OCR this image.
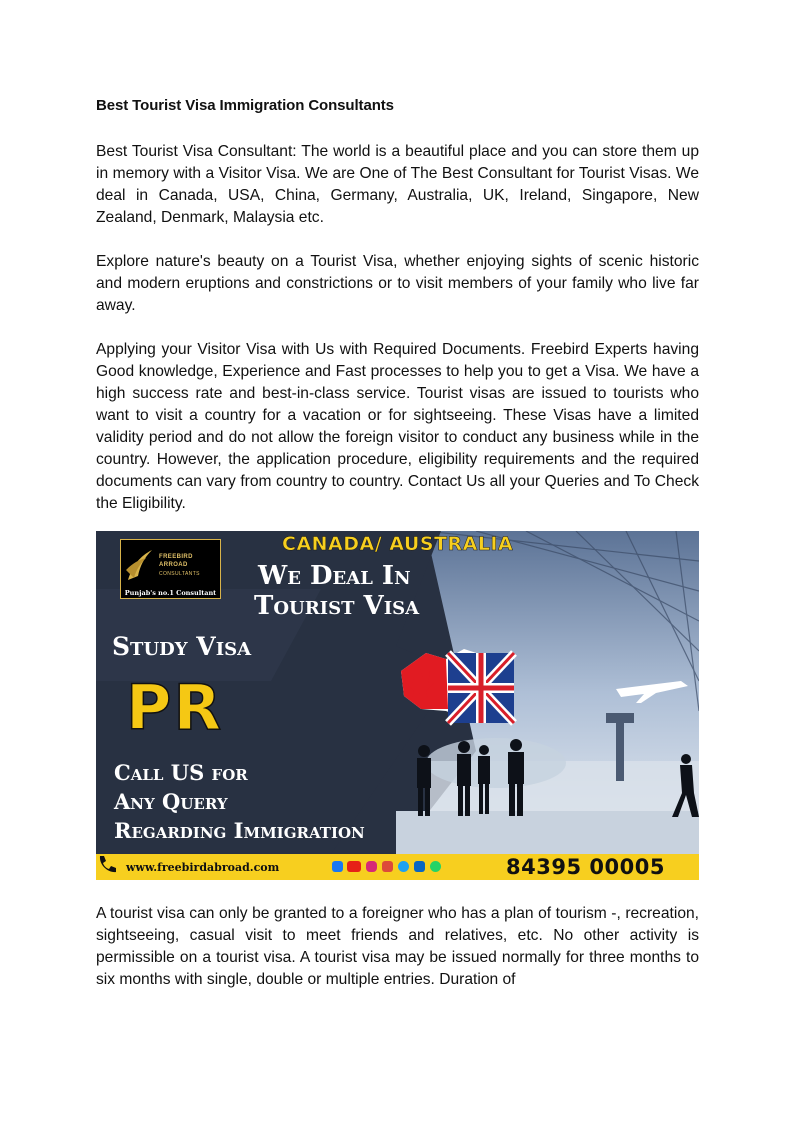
Best Tourist Visa Immigration Consultants

Best Tourist Visa Consultant: The world is a beautiful place and you can store them up in memory with a Visitor Visa. We are One of The Best Consultant for Tourist Visas. We deal in Canada, USA, China, Germany, Australia, UK, Ireland, Singapore, New Zealand, Denmark, Malaysia etc.

Explore nature's beauty on a Tourist Visa, whether enjoying sights of scenic historic and modern eruptions and constrictions or to visit members of your family who live far away.

Applying your Visitor Visa with Us with Required Documents. Freebird Experts having Good knowledge, Experience and Fast processes to help you to get a Visa. We have a high success rate and best-in-class service. Tourist visas are issued to tourists who want to visit a country for a vacation or for sightseeing. These Visas have a limited validity period and do not allow the foreign visitor to conduct any business while in the country. However, the application procedure, eligibility requirements and the required documents can vary from country to country. Contact Us all your Queries and To Check the Eligibility.

FREEBIRD
ARROAD
CONSULTANTS
Punjab's no.1 Consultant
CANADA/ AUSTRALIA
We Deal In
Tourist Visa
Study Visa
PR
Call US for
Any Query
Regarding Immigration
www.freebirdabroad.com	84395 00005

A tourist visa can only be granted to a foreigner who has a plan of tourism -, recreation, sightseeing, casual visit to meet friends and relatives, etc. No other activity is permissible on a tourist visa. A tourist visa may be issued normally for three months to six months with single, double or multiple entries. Duration of
